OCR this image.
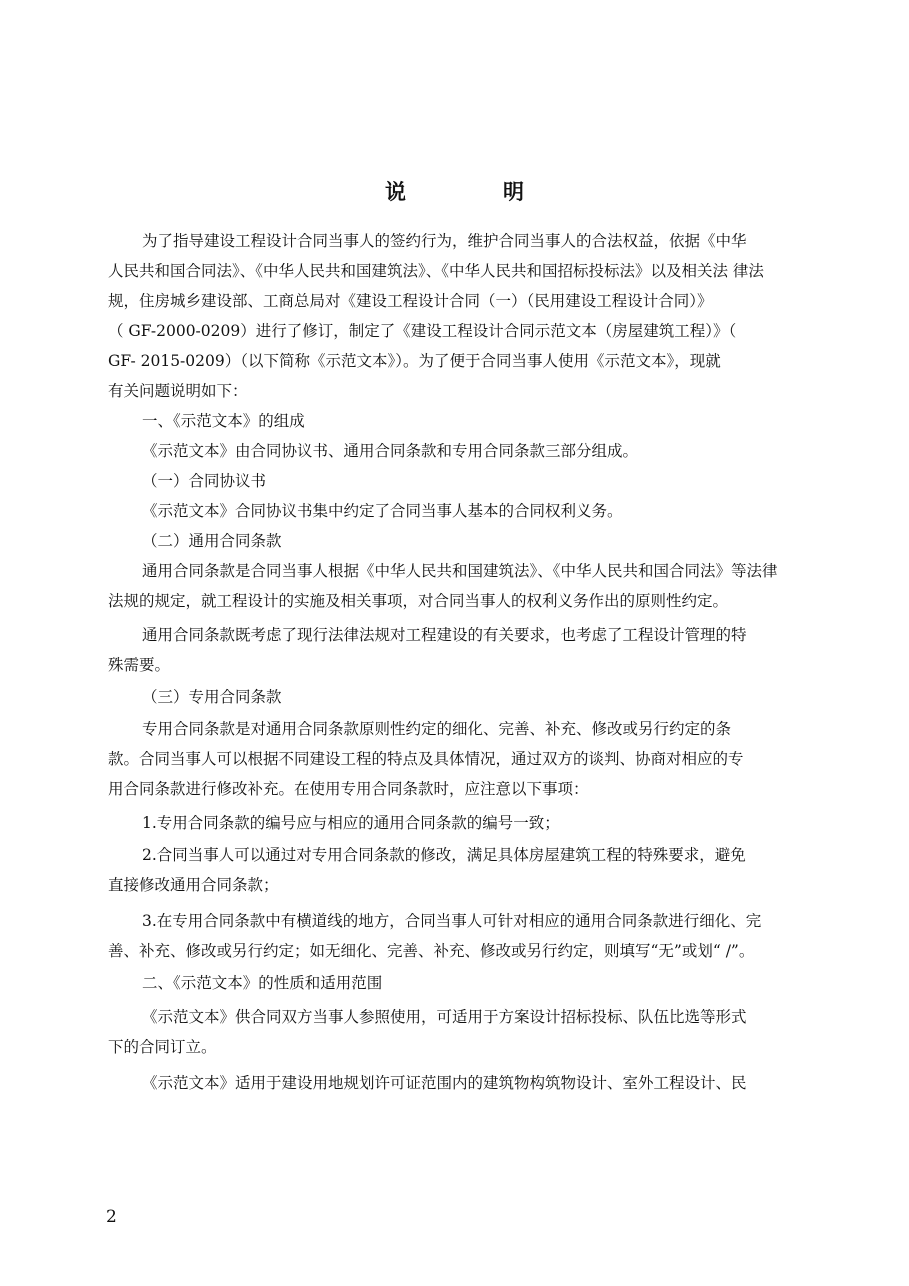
说　明
为了指导建设工程设计合同当事人的签约行为，维护合同当事人的合法权益，依据《中华
人民共和国合同法》、《中华人民共和国建筑法》、《中华人民共和国招标投标法》以及相关法 律法
规，住房城乡建设部、工商总局对《建设工程设计合同（一）（民用建设工程设计合同）》
（ GF-2000-0209）进行了修订，制定了《建设工程设计合同示范文本（房屋建筑工程）》（
GF- 2015-0209）（以下简称《示范文本》）。为了便于合同当事人使用《示范文本》，现就
有关问题说明如下：
一、《示范文本》的组成
《示范文本》由合同协议书、通用合同条款和专用合同条款三部分组成。
（一）合同协议书
《示范文本》合同协议书集中约定了合同当事人基本的合同权利义务。
（二）通用合同条款
通用合同条款是合同当事人根据《中华人民共和国建筑法》、《中华人民共和国合同法》等法律
法规的规定，就工程设计的实施及相关事项，对合同当事人的权利义务作出的原则性约定。
通用合同条款既考虑了现行法律法规对工程建设的有关要求，也考虑了工程设计管理的特
殊需要。
（三）专用合同条款
专用合同条款是对通用合同条款原则性约定的细化、完善、补充、修改或另行约定的条
款。合同当事人可以根据不同建设工程的特点及具体情况，通过双方的谈判、协商对相应的专
用合同条款进行修改补充。在使用专用合同条款时，应注意以下事项：
1.专用合同条款的编号应与相应的通用合同条款的编号一致；
2.合同当事人可以通过对专用合同条款的修改，满足具体房屋建筑工程的特殊要求，避免
直接修改通用合同条款；
3.在专用合同条款中有横道线的地方，合同当事人可针对相应的通用合同条款进行细化、完
善、补充、修改或另行约定；如无细化、完善、补充、修改或另行约定，则填写“无”或划“ /”。
二、《示范文本》的性质和适用范围
《示范文本》供合同双方当事人参照使用，可适用于方案设计招标投标、队伍比选等形式
下的合同订立。
《示范文本》适用于建设用地规划许可证范围内的建筑物构筑物设计、室外工程设计、民
2
